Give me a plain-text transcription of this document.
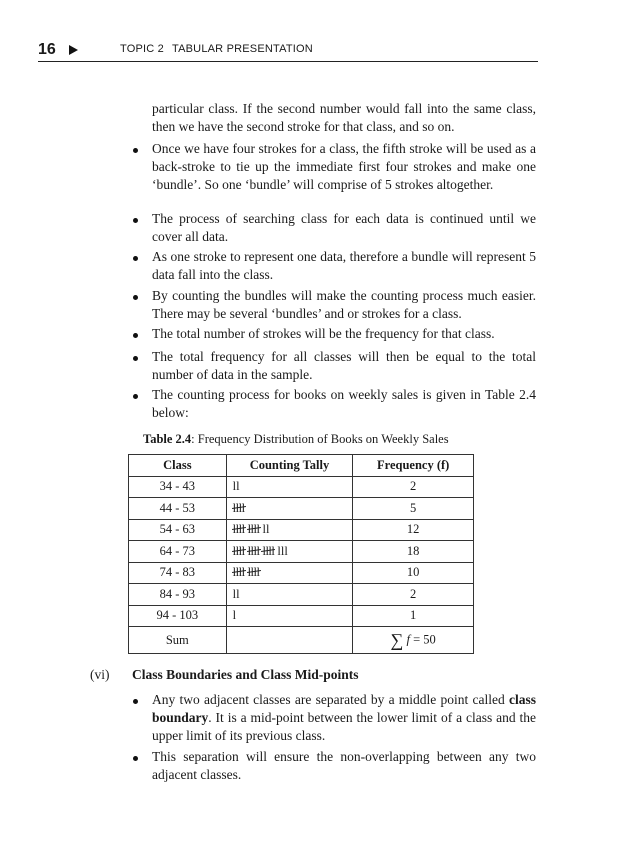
16	TOPIC 2 TABULAR PRESENTATION

particular class. If the second number would fall into the same class, then we have the second stroke for that class, and so on.

Once we have four strokes for a class, the fifth stroke will be used as a back-stroke to tie up the immediate first four strokes and make one ‘bundle’. So one ‘bundle’ will comprise of 5 strokes altogether.

The process of searching class for each data is continued until we cover all data.

As one stroke to represent one data, therefore a bundle will represent 5 data fall into the class.

By counting the bundles will make the counting process much easier. There may be several ‘bundles’ and or strokes for a class.

The total number of strokes will be the frequency for that class.

The total frequency for all classes will then be equal to the total number of data in the sample.

The counting process for books on weekly sales is given in Table 2.4 below:

Table 2.4: Frequency Distribution of Books on Weekly Sales
Class	Counting Tally	Frequency (f)
34 - 43	ll	2
44 - 53	llll	5
54 - 63	llll llll ll	12
64 - 73	llll llll llll lll	18
74 - 83	llll llll	10
84 - 93	ll	2
94 - 103	l	1
Sum		∑ f = 50
(vi) Class Boundaries and Class Mid-points

Any two adjacent classes are separated by a middle point called class boundary. It is a mid-point between the lower limit of a class and the upper limit of its previous class.

This separation will ensure the non-overlapping between any two adjacent classes.
